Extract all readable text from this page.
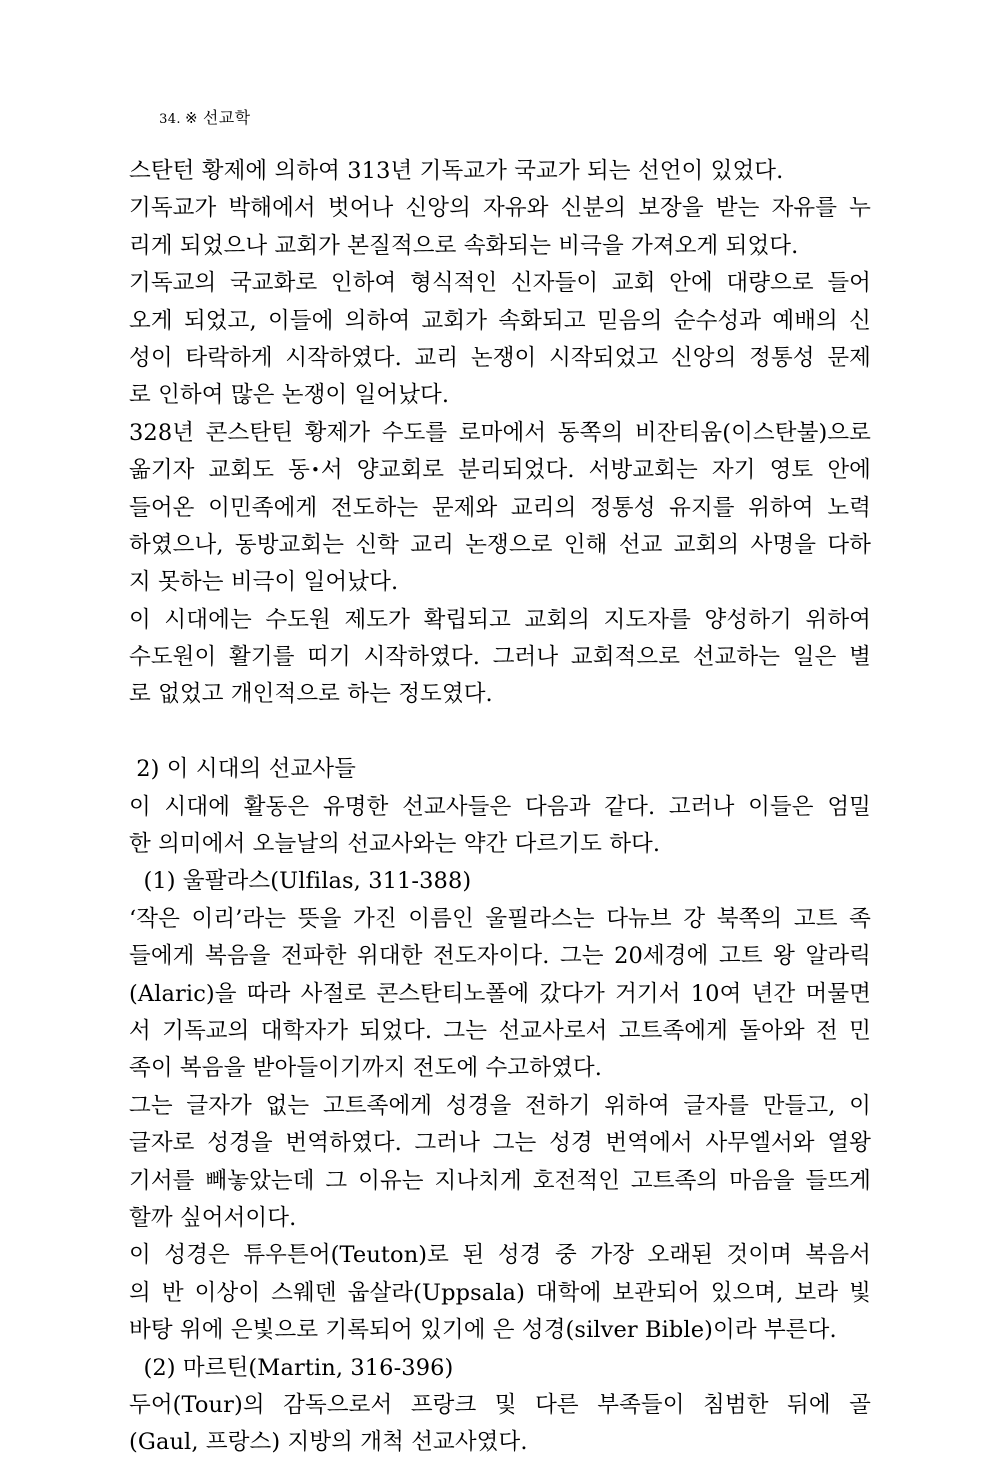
34. ※ 선교학

스탄턴 황제에 의하여 313년 기독교가 국교가 되는 선언이 있었다.
기독교가 박해에서 벗어나 신앙의 자유와 신분의 보장을 받는 자유를 누
리게 되었으나 교회가 본질적으로 속화되는 비극을 가져오게 되었다.
기독교의 국교화로 인하여 형식적인 신자들이 교회 안에 대량으로 들어
오게 되었고, 이들에 의하여 교회가 속화되고 믿음의 순수성과 예배의 신
성이 타락하게 시작하였다. 교리 논쟁이 시작되었고 신앙의 정통성 문제
로 인하여 많은 논쟁이 일어났다.
328년 콘스탄틴 황제가 수도를 로마에서 동쪽의 비잔티움(이스탄불)으로
옮기자 교회도 동•서 양교회로 분리되었다. 서방교회는 자기 영토 안에
들어온 이민족에게 전도하는 문제와 교리의 정통성 유지를 위하여 노력
하였으나, 동방교회는 신학 교리 논쟁으로 인해 선교 교회의 사명을 다하
지 못하는 비극이 일어났다.
이 시대에는 수도원 제도가 확립되고 교회의 지도자를 양성하기 위하여
수도원이 활기를 띠기 시작하였다. 그러나 교회적으로 선교하는 일은 별
로 없었고 개인적으로 하는 정도였다.
2) 이 시대의 선교사들
이 시대에 활동은 유명한 선교사들은 다음과 같다. 고러나 이들은 엄밀
한 의미에서 오늘날의 선교사와는 약간 다르기도 하다.
(1) 울팔라스(Ulfilas, 311-388)
‘작은 이리’라는 뜻을 가진 이름인 울필라스는 다뉴브 강 북쪽의 고트 족
들에게 복음을 전파한 위대한 전도자이다. 그는 20세경에 고트 왕 알라릭
(Alaric)을 따라 사절로 콘스탄티노폴에 갔다가 거기서 10여 년간 머물면
서 기독교의 대학자가 되었다. 그는 선교사로서 고트족에게 돌아와 전 민
족이 복음을 받아들이기까지 전도에 수고하였다.
그는 글자가 없는 고트족에게 성경을 전하기 위하여 글자를 만들고, 이
글자로 성경을 번역하였다. 그러나 그는 성경 번역에서 사무엘서와 열왕
기서를 빼놓았는데 그 이유는 지나치게 호전적인 고트족의 마음을 들뜨게
할까 싶어서이다.
이 성경은 튜우튼어(Teuton)로 된 성경 중 가장 오래된 것이며 복음서
의 반 이상이 스웨덴 웁살라(Uppsala) 대학에 보관되어 있으며, 보라 빛
바탕 위에 은빛으로 기록되어 있기에 은 성경(silver Bible)이라 부른다.
(2) 마르틴(Martin, 316-396)
두어(Tour)의 감독으로서 프랑크 및 다른 부족들이 침범한 뒤에 골
(Gaul, 프랑스) 지방의 개척 선교사였다.
